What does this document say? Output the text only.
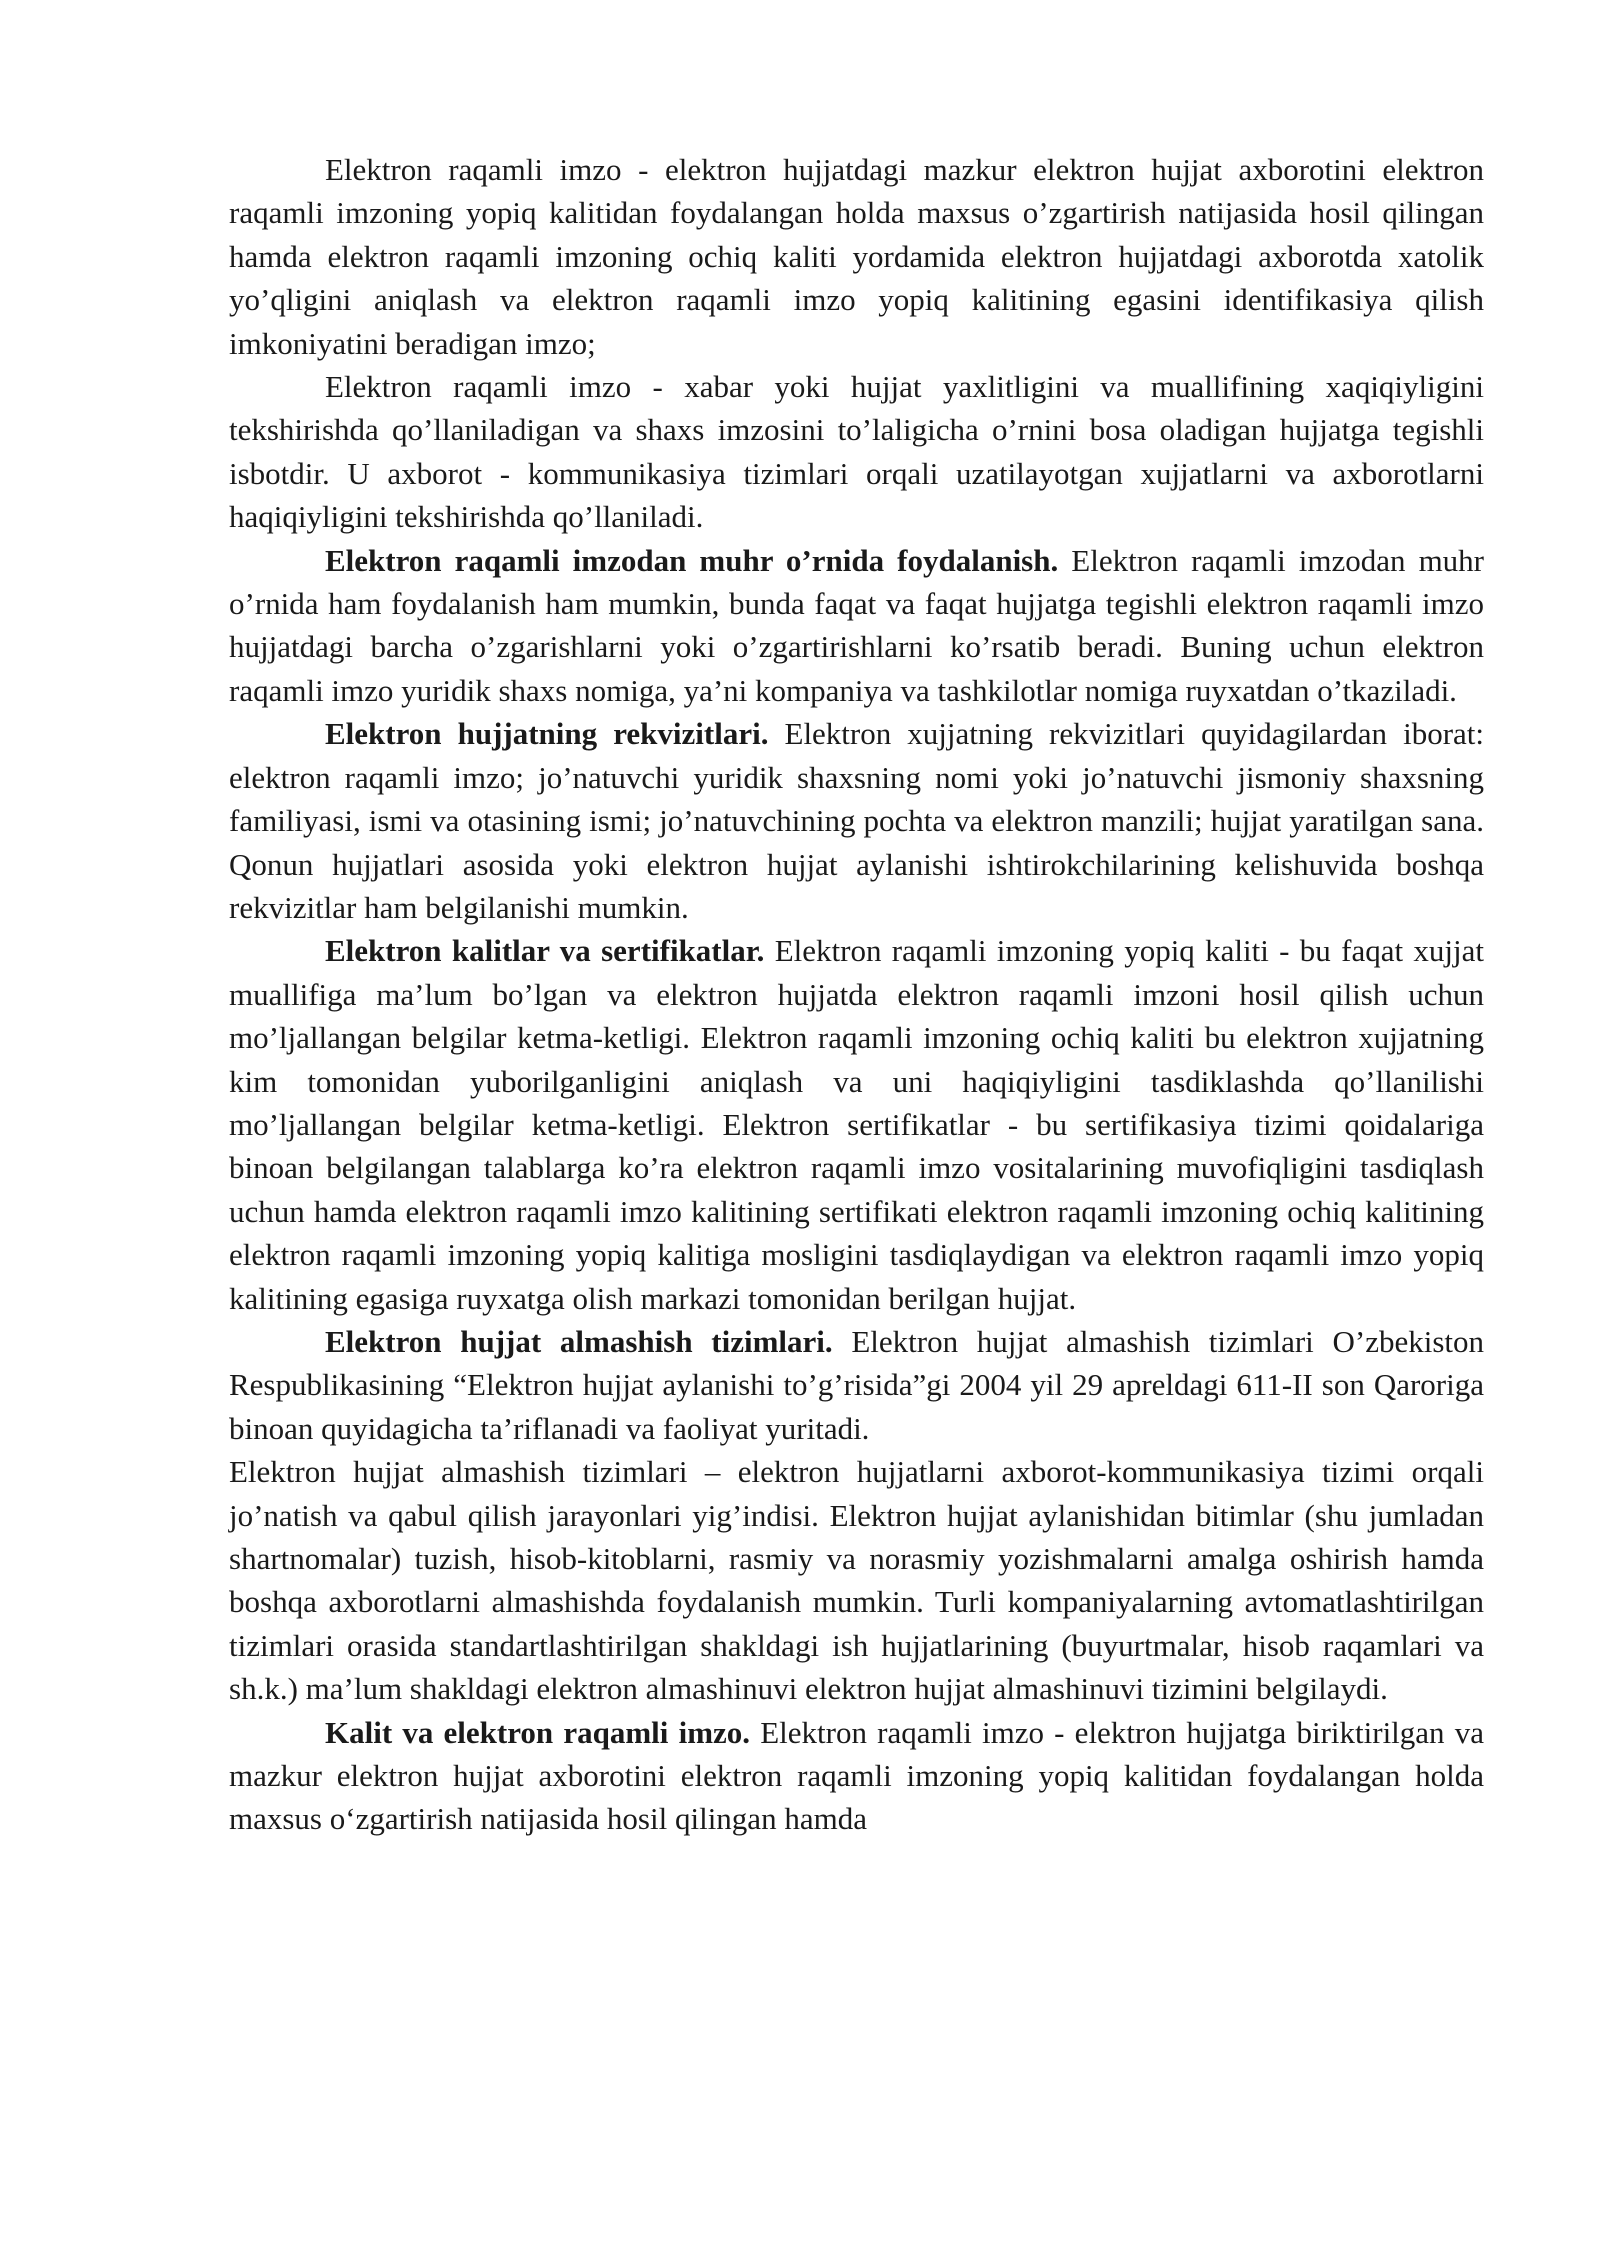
Elektron raqamli imzo - elektron hujjatdagi mazkur elektron hujjat axborotini elektron raqamli imzoning yopiq kalitidan foydalangan holda maxsus o’zgartirish natijasida hosil qilingan hamda elektron raqamli imzoning ochiq kaliti yordamida elektron hujjatdagi axborotda xatolik yo’qligini aniqlash va elektron raqamli imzo yopiq kalitining egasini identifikasiya qilish imkoniyatini beradigan imzo;

Elektron raqamli imzo - xabar yoki hujjat yaxlitligini va muallifining xaqiqiyligini tekshirishda qo’llaniladigan va shaxs imzosini to’laligicha o’rnini bosa oladigan hujjatga tegishli isbotdir. U axborot - kommunikasiya tizimlari orqali uzatilayotgan xujjatlarni va axborotlarni haqiqiyligini tekshirishda qo’llaniladi.

Elektron raqamli imzodan muhr o’rnida foydalanish. Elektron raqamli imzodan muhr o’rnida ham foydalanish ham mumkin, bunda faqat va faqat hujjatga tegishli elektron raqamli imzo hujjatdagi barcha o’zgarishlarni yoki o’zgartirishlarni ko’rsatib beradi. Buning uchun elektron raqamli imzo yuridik shaxs nomiga, ya’ni kompaniya va tashkilotlar nomiga ruyxatdan o’tkaziladi.

Elektron hujjatning rekvizitlari. Elektron xujjatning rekvizitlari quyidagilardan iborat: elektron raqamli imzo; jo’natuvchi yuridik shaxsning nomi yoki jo’natuvchi jismoniy shaxsning familiyasi, ismi va otasining ismi; jo’natuvchining pochta va elektron manzili; hujjat yaratilgan sana. Qonun hujjatlari asosida yoki elektron hujjat aylanishi ishtirokchilarining kelishuvida boshqa rekvizitlar ham belgilanishi mumkin.

Elektron kalitlar va sertifikatlar. Elektron raqamli imzoning yopiq kaliti - bu faqat xujjat muallifiga ma’lum bo’lgan va elektron hujjatda elektron raqamli imzoni hosil qilish uchun mo’ljallangan belgilar ketma-ketligi. Elektron raqamli imzoning ochiq kaliti bu elektron xujjatning kim tomonidan yuborilganligini aniqlash va uni haqiqiyligini tasdiklashda qo’llanilishi mo’ljallangan belgilar ketma-ketligi. Elektron sertifikatlar - bu sertifikasiya tizimi qoidalariga binoan belgilangan talablarga ko’ra elektron raqamli imzo vositalarining muvofiqligini tasdiqlash uchun hamda elektron raqamli imzo kalitining sertifikati elektron raqamli imzoning ochiq kalitining elektron raqamli imzoning yopiq kalitiga mosligini tasdiqlaydigan va elektron raqamli imzo yopiq kalitining egasiga ruyxatga olish markazi tomonidan berilgan hujjat.

Elektron hujjat almashish tizimlari. Elektron hujjat almashish tizimlari O’zbekiston Respublikasining “Elektron hujjat aylanishi to’g’risida”gi 2004 yil 29 apreldagi 611-II son Qaroriga binoan quyidagicha ta’riflanadi va faoliyat yuritadi.

Elektron hujjat almashish tizimlari – elektron hujjatlarni axborot-kommunikasiya tizimi orqali jo’natish va qabul qilish jarayonlari yig’indisi. Elektron hujjat aylanishidan bitimlar (shu jumladan shartnomalar) tuzish, hisob-kitoblarni, rasmiy va norasmiy yozishmalarni amalga oshirish hamda boshqa axborotlarni almashishda foydalanish mumkin. Turli kompaniyalarning avtomatlashtirilgan tizimlari orasida standartlashtirilgan shakldagi ish hujjatlarining (buyurtmalar, hisob raqamlari va sh.k.) ma’lum shakldagi elektron almashinuvi elektron hujjat almashinuvi tizimini belgilaydi.

Kalit va elektron raqamli imzo. Elektron raqamli imzo - elektron hujjatga biriktirilgan va mazkur elektron hujjat axborotini elektron raqamli imzoning yopiq kalitidan foydalangan holda maxsus o‘zgartirish natijasida hosil qilingan hamda
